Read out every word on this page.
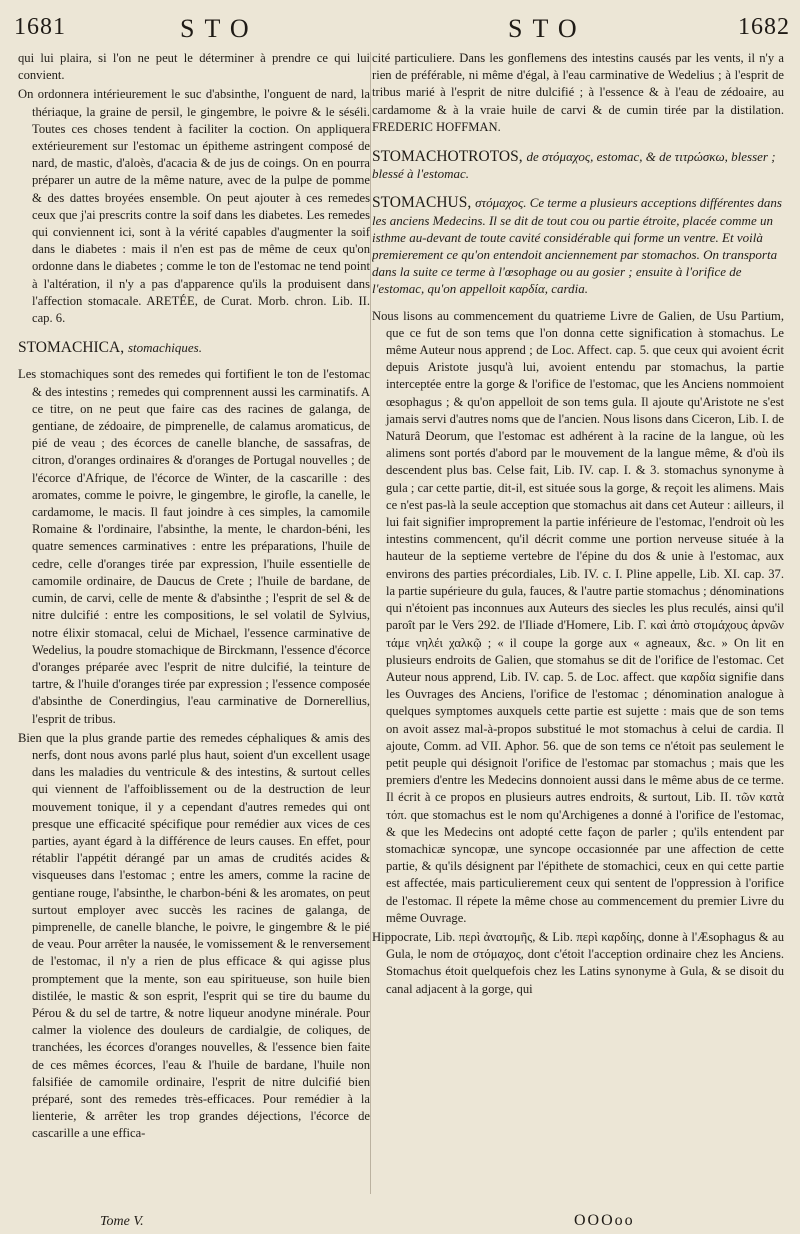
1681	STO	STO	1682

qui lui plaira, si l'on ne peut le déterminer à prendre ce qui lui convient.

On ordonnera intérieurement le suc d'absinthe, l'onguent de nard, la thériaque, la graine de persil, le gingembre, le poivre & le séséli. Toutes ces choses tendent à faciliter la coction. On appliquera extérieurement sur l'estomac un épitheme astringent composé de nard, de mastic, d'aloès, d'acacia & de jus de coings. On en pourra préparer un autre de la même nature, avec de la pulpe de pomme & des dattes broyées ensemble. On peut ajouter à ces remedes ceux que j'ai prescrits contre la soif dans les diabetes. Les remedes qui conviennent ici, sont à la vérité capables d'augmenter la soif dans le diabetes : mais il n'en est pas de même de ceux qu'on ordonne dans le diabetes ; comme le ton de l'estomac ne tend point à l'altération, il n'y a pas d'apparence qu'ils la produisent dans l'affection stomacale. ARETÉE, de Curat. Morb. chron. Lib. II. cap. 6.

STOMACHICA, stomachiques.

Les stomachiques sont des remedes qui fortifient le ton de l'estomac & des intestins ; remedes qui comprennent aussi les carminatifs. A ce titre, on ne peut que faire cas des racines de galanga, de gentiane, de zédoaire, de pimprenelle, de calamus aromaticus, de pié de veau ; des écorces de canelle blanche, de sassafras, de citron, d'oranges ordinaires & d'oranges de Portugal nouvelles ; de l'écorce d'Afrique, de l'écorce de Winter, de la cascarille : des aromates, comme le poivre, le gingembre, le girofle, la canelle, le cardamome, le macis. Il faut joindre à ces simples, la camomile Romaine & l'ordinaire, l'absinthe, la mente, le chardon-béni, les quatre semences carminatives : entre les préparations, l'huile de cedre, celle d'oranges tirée par expression, l'huile essentielle de camomile ordinaire, de Daucus de Crete ; l'huile de bardane, de cumin, de carvi, celle de mente & d'absinthe ; l'esprit de sel & de nitre dulcifié : entre les compositions, le sel volatil de Sylvius, notre élixir stomacal, celui de Michael, l'essence carminative de Wedelius, la poudre stomachique de Birckmann, l'essence d'écorce d'oranges préparée avec l'esprit de nitre dulcifié, la teinture de tartre, & l'huile d'oranges tirée par expression ; l'essence composée d'absinthe de Conerdingius, l'eau carminative de Dornerellius, l'esprit de tribus.

Bien que la plus grande partie des remedes céphaliques & amis des nerfs, dont nous avons parlé plus haut, soient d'un excellent usage dans les maladies du ventricule & des intestins, & surtout celles qui viennent de l'affoiblissement ou de la destruction de leur mouvement tonique, il y a cependant d'autres remedes qui ont presque une efficacité spécifique pour remédier aux vices de ces parties, ayant égard à la différence de leurs causes. En effet, pour rétablir l'appétit dérangé par un amas de crudités acides & visqueuses dans l'estomac ; entre les amers, comme la racine de gentiane rouge, l'absinthe, le charbon-béni & les aromates, on peut surtout employer avec succès les racines de galanga, de pimprenelle, de canelle blanche, le poivre, le gingembre & le pié de veau. Pour arrêter la nausée, le vomissement & le renversement de l'estomac, il n'y a rien de plus efficace & qui agisse plus promptement que la mente, son eau spiritueuse, son huile bien distilée, le mastic & son esprit, l'esprit qui se tire du baume du Pérou & du sel de tartre, & notre liqueur anodyne minérale. Pour calmer la violence des douleurs de cardialgie, de coliques, de tranchées, les écorces d'oranges nouvelles, & l'essence bien faite de ces mêmes écorces, l'eau & l'huile de bardane, l'huile non falsifiée de camomile ordinaire, l'esprit de nitre dulcifié bien préparé, sont des remedes très-efficaces. Pour remédier à la lienterie, & arrêter les trop grandes déjections, l'écorce de cascarille a une effica-

cité particuliere. Dans les gonflemens des intestins causés par les vents, il n'y a rien de préférable, ni même d'égal, à l'eau carminative de Wedelius ; à l'esprit de tribus marié à l'esprit de nitre dulcifié ; à l'essence & à l'eau de zédoaire, au cardamome & à la vraie huile de carvi & de cumin tirée par la distilation. FREDERIC HOFFMAN.

STOMACHOTROTOS, de στόμαχος, estomac, & de τιτρώσκω, blesser ; blessé à l'estomac.
STOMACHUS, στόμαχος. Ce terme a plusieurs acceptions différentes dans les anciens Medecins. Il se dit de tout cou ou partie étroite, placée comme un isthme au-devant de toute cavité considérable qui forme un ventre. Et voilà premierement ce qu'on entendoit anciennement par stomachos. On transporta dans la suite ce terme à l'œsophage ou au gosier ; ensuite à l'orifice de l'estomac, qu'on appelloit καρδία, cardia.

Nous lisons au commencement du quatrieme Livre de Galien, de Usu Partium, que ce fut de son tems que l'on donna cette signification à stomachus. Le même Auteur nous apprend ; de Loc. Affect. cap. 5. que ceux qui avoient écrit depuis Aristote jusqu'à lui, avoient entendu par stomachus, la partie interceptée entre la gorge & l'orifice de l'estomac, que les Anciens nommoient œsophagus ; & qu'on appelloit de son tems gula. Il ajoute qu'Aristote ne s'est jamais servi d'autres noms que de l'ancien. Nous lisons dans Ciceron, Lib. I. de Naturâ Deorum, que l'estomac est adhérent à la racine de la langue, où les alimens sont portés d'abord par le mouvement de la langue même, & d'où ils descendent plus bas. Celse fait, Lib. IV. cap. I. & 3. stomachus synonyme à gula ; car cette partie, dit-il, est située sous la gorge, & reçoit les alimens. Mais ce n'est pas-là la seule acception que stomachus ait dans cet Auteur : ailleurs, il lui fait signifier improprement la partie inférieure de l'estomac, l'endroit où les intestins commencent, qu'il décrit comme une portion nerveuse située à la hauteur de la septieme vertebre de l'épine du dos & unie à l'estomac, aux environs des parties précordiales, Lib. IV. c. I. Pline appelle, Lib. XI. cap. 37. la partie supérieure du gula, fauces, & l'autre partie stomachus ; dénominations qui n'étoient pas inconnues aux Auteurs des siecles les plus reculés, ainsi qu'il paroît par le Vers 292. de l'Iliade d'Homere, Lib. Γ. καὶ ἀπὸ στομάχους ἀρνῶν τάμε νηλέι χαλκῷ ; « il coupe la gorge aux « agneaux, &c. » On lit en plusieurs endroits de Galien, que stomahus se dit de l'orifice de l'estomac. Cet Auteur nous apprend, Lib. IV. cap. 5. de Loc. affect. que καρδία signifie dans les Ouvrages des Anciens, l'orifice de l'estomac ; dénomination analogue à quelques symptomes auxquels cette partie est sujette : mais que de son tems on avoit assez mal-à-propos substitué le mot stomachus à celui de cardia. Il ajoute, Comm. ad VII. Aphor. 56. que de son tems ce n'étoit pas seulement le petit peuple qui désignoit l'orifice de l'estomac par stomachus ; mais que les premiers d'entre les Medecins donnoient aussi dans le même abus de ce terme. Il écrit à ce propos en plusieurs autres endroits, & surtout, Lib. II. τῶν κατὰ τόπ. que stomachus est le nom qu'Archigenes a donné à l'orifice de l'estomac, & que les Medecins ont adopté cette façon de parler ; qu'ils entendent par stomachicæ syncopæ, une syncope occasionnée par une affection de cette partie, & qu'ils désignent par l'épithete de stomachici, ceux en qui cette partie est affectée, mais particulierement ceux qui sentent de l'oppression à l'orifice de l'estomac. Il répete la même chose au commencement du premier Livre du même Ouvrage.

Hippocrate, Lib. περὶ ἀνατομῆς, & Lib. περὶ καρδίης, donne à l'Æsophagus & au Gula, le nom de στόμαχος, dont c'étoit l'acception ordinaire chez les Anciens. Stomachus étoit quelquefois chez les Latins synonyme à Gula, & se disoit du canal adjacent à la gorge, qui

Tome V.	OOOoo
